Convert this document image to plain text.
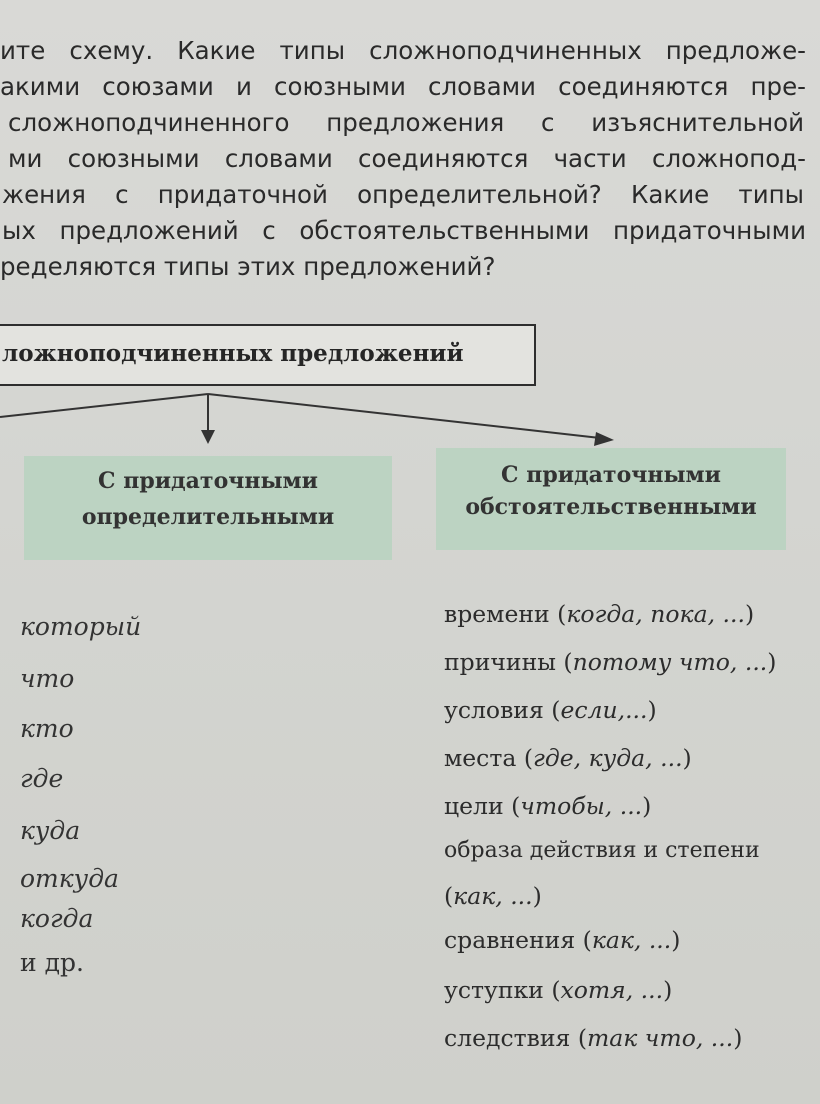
ите схему. Какие типы сложноподчиненных предложе-

акими союзами и союзными словами соединяются пре-

сложноподчиненного предложения с изъяснительной

ми союзными словами соединяются части сложнопод-

жения с придаточной определительной? Какие типы

ых предложений с обстоятельственными придаточными

ределяются типы этих предложений?

ложноподчиненных предложений
С придаточными
определительными
С придаточными
обстоятельственными
который
что
кто
где
куда
откуда
когда
и др.
времени (когда, пока, ...)
причины (потому что, ...)
условия (если,...)
места (где, куда, ...)
цели (чтобы, ...)
образа действия и степени
(как, ...)
сравнения (как, ...)
уступки (хотя, ...)
следствия (так что, ...)
